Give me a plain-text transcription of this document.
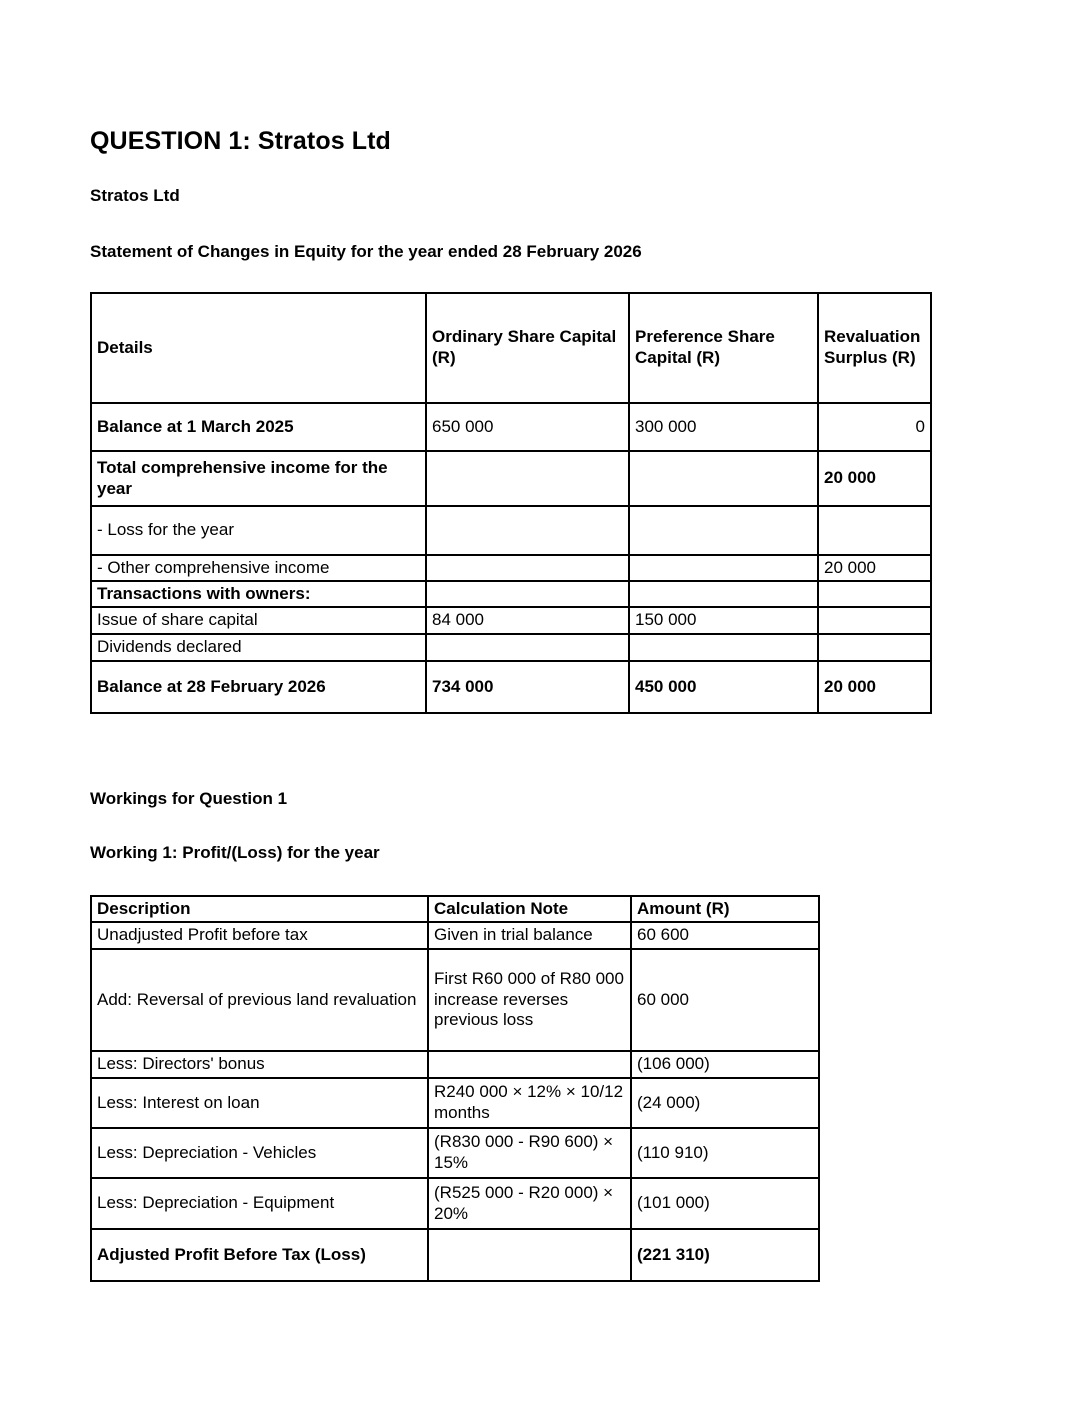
QUESTION 1: Stratos Ltd
Stratos Ltd
Statement of Changes in Equity for the year ended 28 February 2026
Details	Ordinary Share Capital (R)	Preference Share Capital (R)	Revaluation Surplus (R)
Balance at 1 March 2025	650 000	300 000	0
Total comprehensive income for the year			20 000
- Loss for the year			
- Other comprehensive income			20 000
Transactions with owners:			
Issue of share capital	84 000	150 000	
Dividends declared			
Balance at 28 February 2026	734 000	450 000	20 000
Workings for Question 1
Working 1: Profit/(Loss) for the year
Description	Calculation Note	Amount (R)
Unadjusted Profit before tax	Given in trial balance	60 600
Add: Reversal of previous land revaluation	First R60 000 of R80 000 increase reverses previous loss	60 000
Less: Directors' bonus		(106 000)
Less: Interest on loan	R240 000 × 12% × 10/12 months	(24 000)
Less: Depreciation - Vehicles	(R830 000 - R90 600) × 15%	(110 910)
Less: Depreciation - Equipment	(R525 000 - R20 000) × 20%	(101 000)
Adjusted Profit Before Tax (Loss)		(221 310)
